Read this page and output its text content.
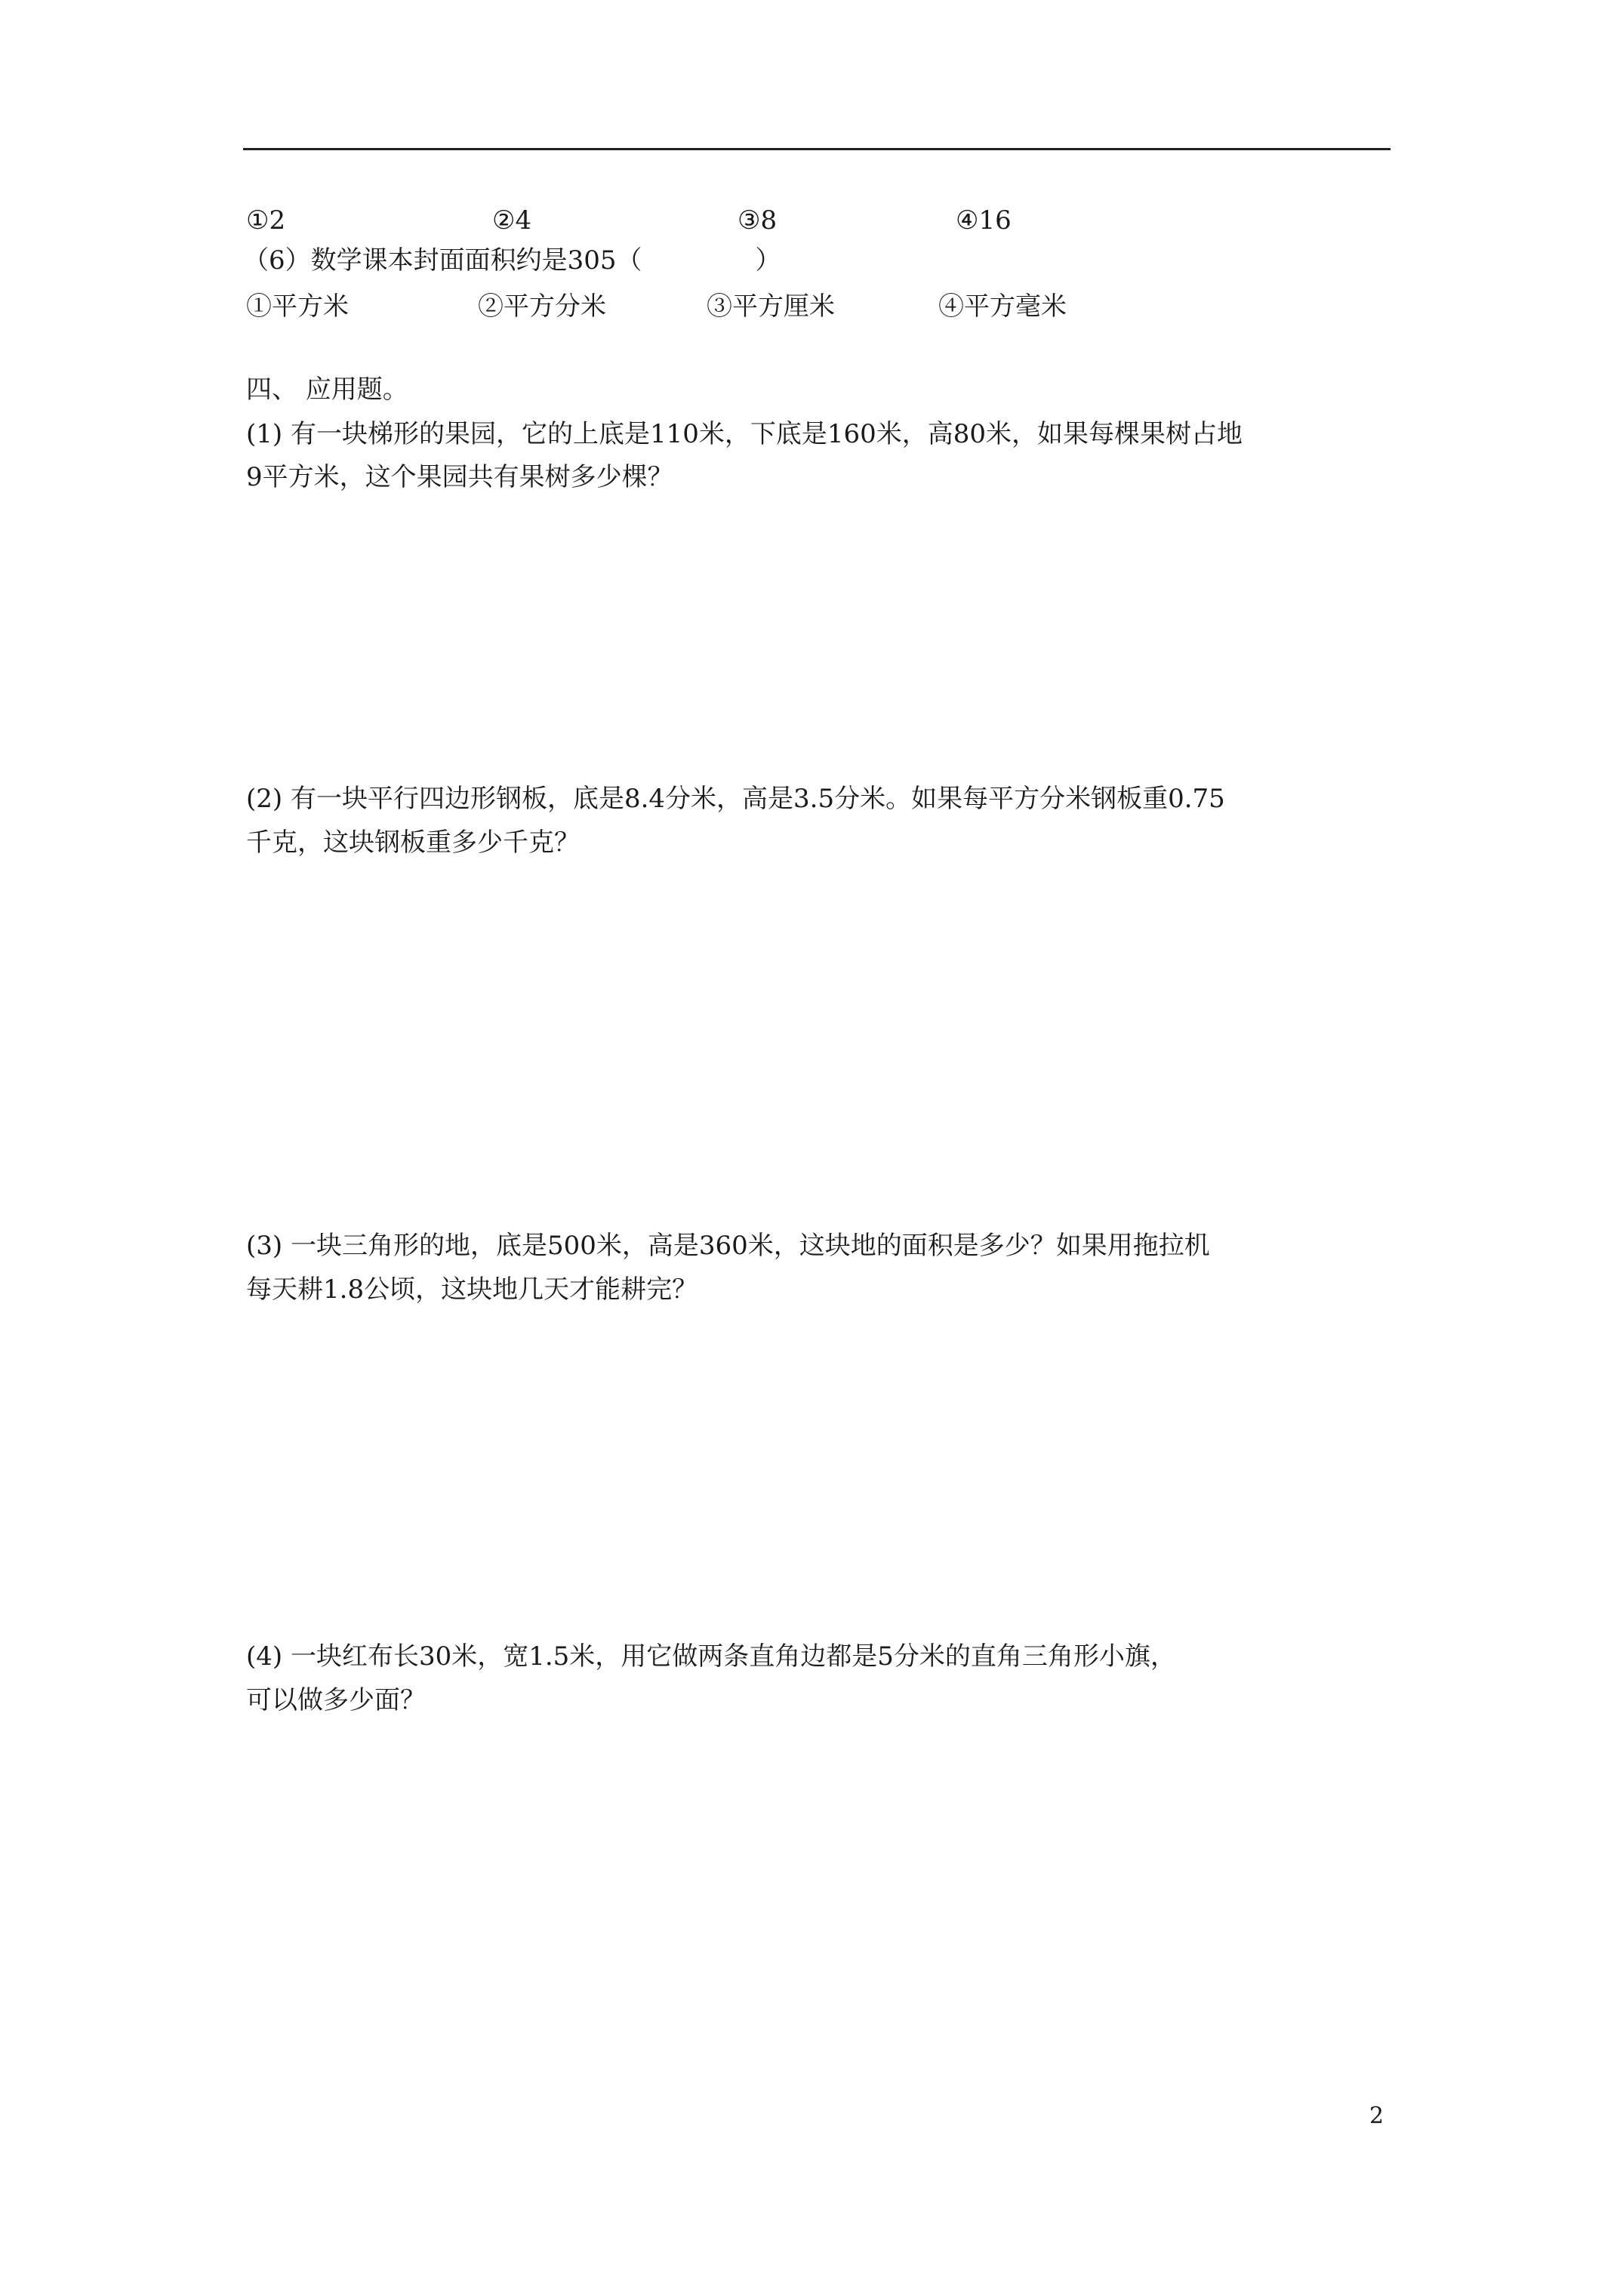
①2	②4	③8	④16
（6）数学课本封面面积约是305（	）
①平方米	②平方分米	③平方厘米	④平方毫米
四、 应用题。
(1) 有一块梯形的果园，它的上底是110米，下底是160米，高80米，如果每棵果树占地
9平方米，这个果园共有果树多少棵？
(2) 有一块平行四边形钢板，底是8.4分米，高是3.5分米。如果每平方分米钢板重0.75
千克，这块钢板重多少千克？
(3) 一块三角形的地，底是500米，高是360米，这块地的面积是多少？如果用拖拉机
每天耕1.8公顷，这块地几天才能耕完？
(4) 一块红布长30米，宽1.5米，用它做两条直角边都是5分米的直角三角形小旗，
可以做多少面？
2
